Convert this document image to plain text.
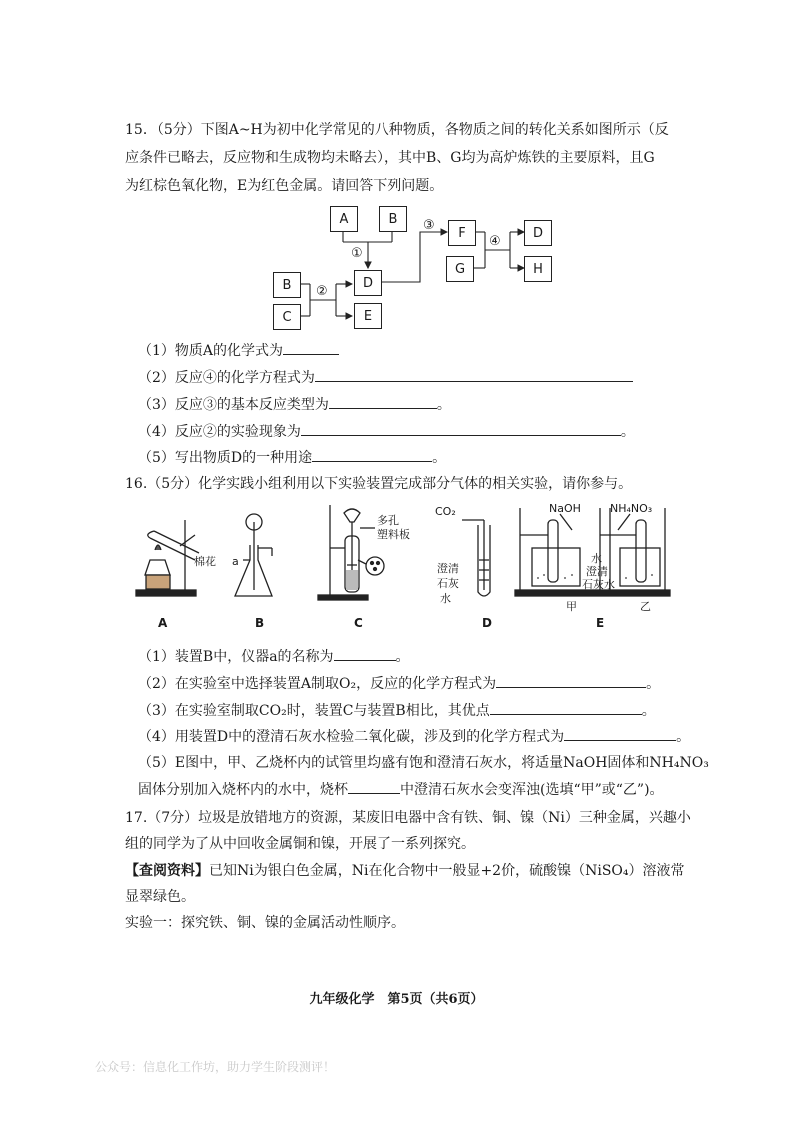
15．（5分）下图A~H为初中化学常见的八种物质，各物质之间的转化关系如图所示（反
应条件已略去，反应物和生成物均未略去），其中B、G均为高炉炼铁的主要原料，且G
为红棕色氧化物，E为红色金属。请回答下列问题。
A	B
F	D
G	H
D
B
C	E
①
②
③
④
（1）物质A的化学式为
（2）反应④的化学方程式为
（3）反应③的基本反应类型为	。
（4）反应②的实验现象为	。
（5）写出物质D的一种用途	。
16.（5分）化学实践小组利用以下实验装置完成部分气体的相关实验，请你参与。
棉花 a
多孔
塑料板
CO₂
澄清
石灰
水
NaOH	NH₄NO₃
水
澄清
石灰水
甲	乙
A	B	C	D	E
（1）装置B中，仪器a的名称为	。
（2）在实验室中选择装置A制取O₂，反应的化学方程式为	。
（3）在实验室制取CO₂时，装置C与装置B相比，其优点	。
（4）用装置D中的澄清石灰水检验二氧化碳，涉及到的化学方程式为	。
（5）E图中，甲、乙烧杯内的试管里均盛有饱和澄清石灰水，将适量NaOH固体和NH₄NO₃
固体分别加入烧杯内的水中，烧杯	中澄清石灰水会变浑浊(选填“甲”或“乙”)。
17.（7分）垃圾是放错地方的资源，某废旧电器中含有铁、铜、镍（Ni）三种金属，兴趣小
组的同学为了从中回收金属铜和镍，开展了一系列探究。
【查阅资料】已知Ni为银白色金属，Ni在化合物中一般显+2价，硫酸镍（NiSO₄）溶液常
显翠绿色。
实验一：探究铁、铜、镍的金属活动性顺序。
九年级化学　第5页（共6页）
公众号：信息化工作坊，助力学生阶段测评！
